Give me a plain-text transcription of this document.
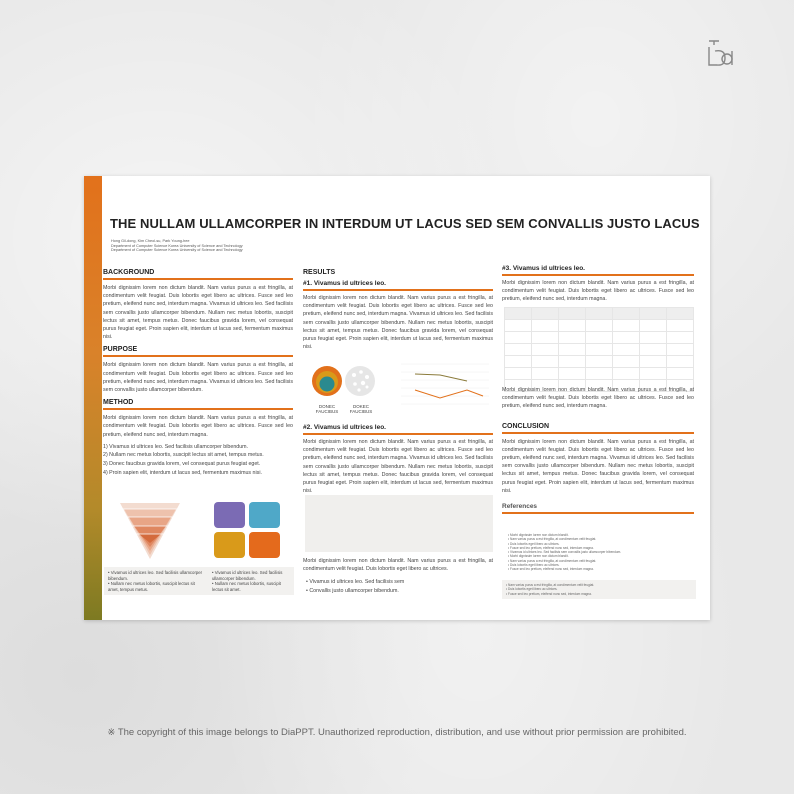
THE NULLAM ULLAMCORPER IN INTERDUM UT LACUS SED SEM CONVALLIS JUSTO LACUS
Hong Gil-dong, Kim Cheol-su, Park Young-hee
Department of Computer Science Korea University of Science and Technology
Department of Computer Science Korea University of Science and Technology
BACKGROUND
Morbi dignissim lorem non dictum blandit. Nam varius purus a est fringilla, at condimentum velit feugiat. Duis lobortis eget libero ac ultrices. Fusce sed leo pretium, eleifend nunc sed, interdum magna. Vivamus id ultrices leo. Sed facilisis sem convallis justo ullamcorper bibendum. Nullam nec metus lobortis, suscipit lectus sit amet, tempus metus. Donec faucibus gravida lorem, vel consequat purus feugiat eget. Proin sapien elit, interdum ut lacus sed, fermentum maximus nisi.
PURPOSE
Morbi dignissim lorem non dictum blandit. Nam varius purus a est fringilla, at condimentum velit feugiat. Duis lobortis eget libero ac ultrices. Fusce sed leo pretium, eleifend nunc sed, interdum magna. Vivamus id ultrices leo. Sed facilisis sem convallis justo ullamcorper bibendum.
METHOD
Morbi dignissim lorem non dictum blandit. Nam varius purus a est fringilla, at condimentum velit feugiat. Duis lobortis eget libero ac ultrices. Fusce sed leo pretium, eleifend nunc sed, interdum magna.
1) Vivamus id ultrices leo. Sed facilisis ullamcorper bibendum.
2) Nullam nec metus lobortis, suscipit lectus sit amet, tempus metus.
3) Donec faucibus gravida lorem, vel consequat purus feugiat eget.
4) Proin sapien elit, interdum ut lacus sed, fermentum maximus nisi.
• Vivamus id ultrices leo. Sed facilisis ullamcorper bibendum.
• Nullam nec metus lobortis, suscipit lectus sit amet, tempus metus.
• Vivamus id ultrices leo. Sed facilisis ullamcorper bibendum.
• Nullam nec metus lobortis, suscipit lectus sit amet.
RESULTS
#1. Vivamus id ultrices leo.
Morbi dignissim lorem non dictum blandit. Nam varius purus a est fringilla, at condimentum velit feugiat. Duis lobortis eget libero ac ultrices. Fusce sed leo pretium, eleifend nunc sed, interdum magna. Vivamus id ultrices leo. Sed facilisis sem convallis justo ullamcorper bibendum. Nullam nec metus lobortis, suscipit lectus sit amet, tempus metus. Donec faucibus gravida lorem, vel consequat purus feugiat eget. Proin sapien elit, interdum ut lacus sed, fermentum maximus nisi.
DONEC FAUCIBUS
DOKEC FAUCIBUS
#2. Vivamus id ultrices leo.
Morbi dignissim lorem non dictum blandit. Nam varius purus a est fringilla, at condimentum velit feugiat. Duis lobortis eget libero ac ultrices. Fusce sed leo pretium, eleifend nunc sed, interdum magna. Vivamus id ultrices leo. Sed facilisis sem convallis justo ullamcorper bibendum. Nullam nec metus lobortis, suscipit lectus sit amet, tempus metus. Donec faucibus gravida lorem, vel consequat purus feugiat eget. Proin sapien elit, interdum ut lacus sed, fermentum maximus nisi.
Morbi dignissim lorem non dictum blandit. Nam varius purus a est fringilla, at condimentum velit feugiat. Duis lobortis eget libero ac ultrices.
• Vivamus id ultrices leo. Sed facilisis sem
• Convallis justo ullamcorper bibendum.
#3. Vivamus id ultrices leo.
Morbi dignissim lorem non dictum blandit. Nam varius purus a est fringilla, at condimentum velit feugiat. Duis lobortis eget libero ac ultrices. Fusce sed leo pretium, eleifend nunc sed, interdum magna.

Morbi dignissim lorem non dictum blandit. Nam varius purus a est fringilla, at condimentum velit feugiat. Duis lobortis eget libero ac ultrices. Fusce sed leo pretium, eleifend nunc sed, interdum magna.
CONCLUSION
Morbi dignissim lorem non dictum blandit. Nam varius purus a est fringilla, at condimentum velit feugiat. Duis lobortis eget libero ac ultrices. Fusce sed leo pretium, eleifend nunc sed, interdum magna. Vivamus id ultrices leo. Sed facilisis sem convallis justo ullamcorper bibendum. Nullam nec metus lobortis, suscipit lectus sit amet, tempus metus. Donec faucibus gravida lorem, vel consequat purus feugiat eget. Proin sapien elit, interdum ut lacus sed, fermentum maximus nisi.
References
• Morbi dignissim lorem non dictum blandit.
• Nam varius purus a est fringilla, at condimentum velit feugiat.
• Duis lobortis eget libero ac ultrices.
• Fusce sed leo pretium, eleifend nunc sed, interdum magna.
• Vivamus id ultrices leo. Sed facilisis sem convallis justo ullamcorper bibendum.
• Morbi dignissim lorem non dictum blandit.
• Nam varius purus a est fringilla, at condimentum velit feugiat.
• Duis lobortis eget libero ac ultrices.
• Fusce sed leo pretium, eleifend nunc sed, interdum magna.
• Nam varius purus a est fringilla, at condimentum velit feugiat.
• Duis lobortis eget libero ac ultrices.
• Fusce sed leo pretium, eleifend nunc sed, interdum magna.
※ The copyright of this image belongs to DiaPPT. Unauthorized reproduction, distribution, and use without prior permission are prohibited.
